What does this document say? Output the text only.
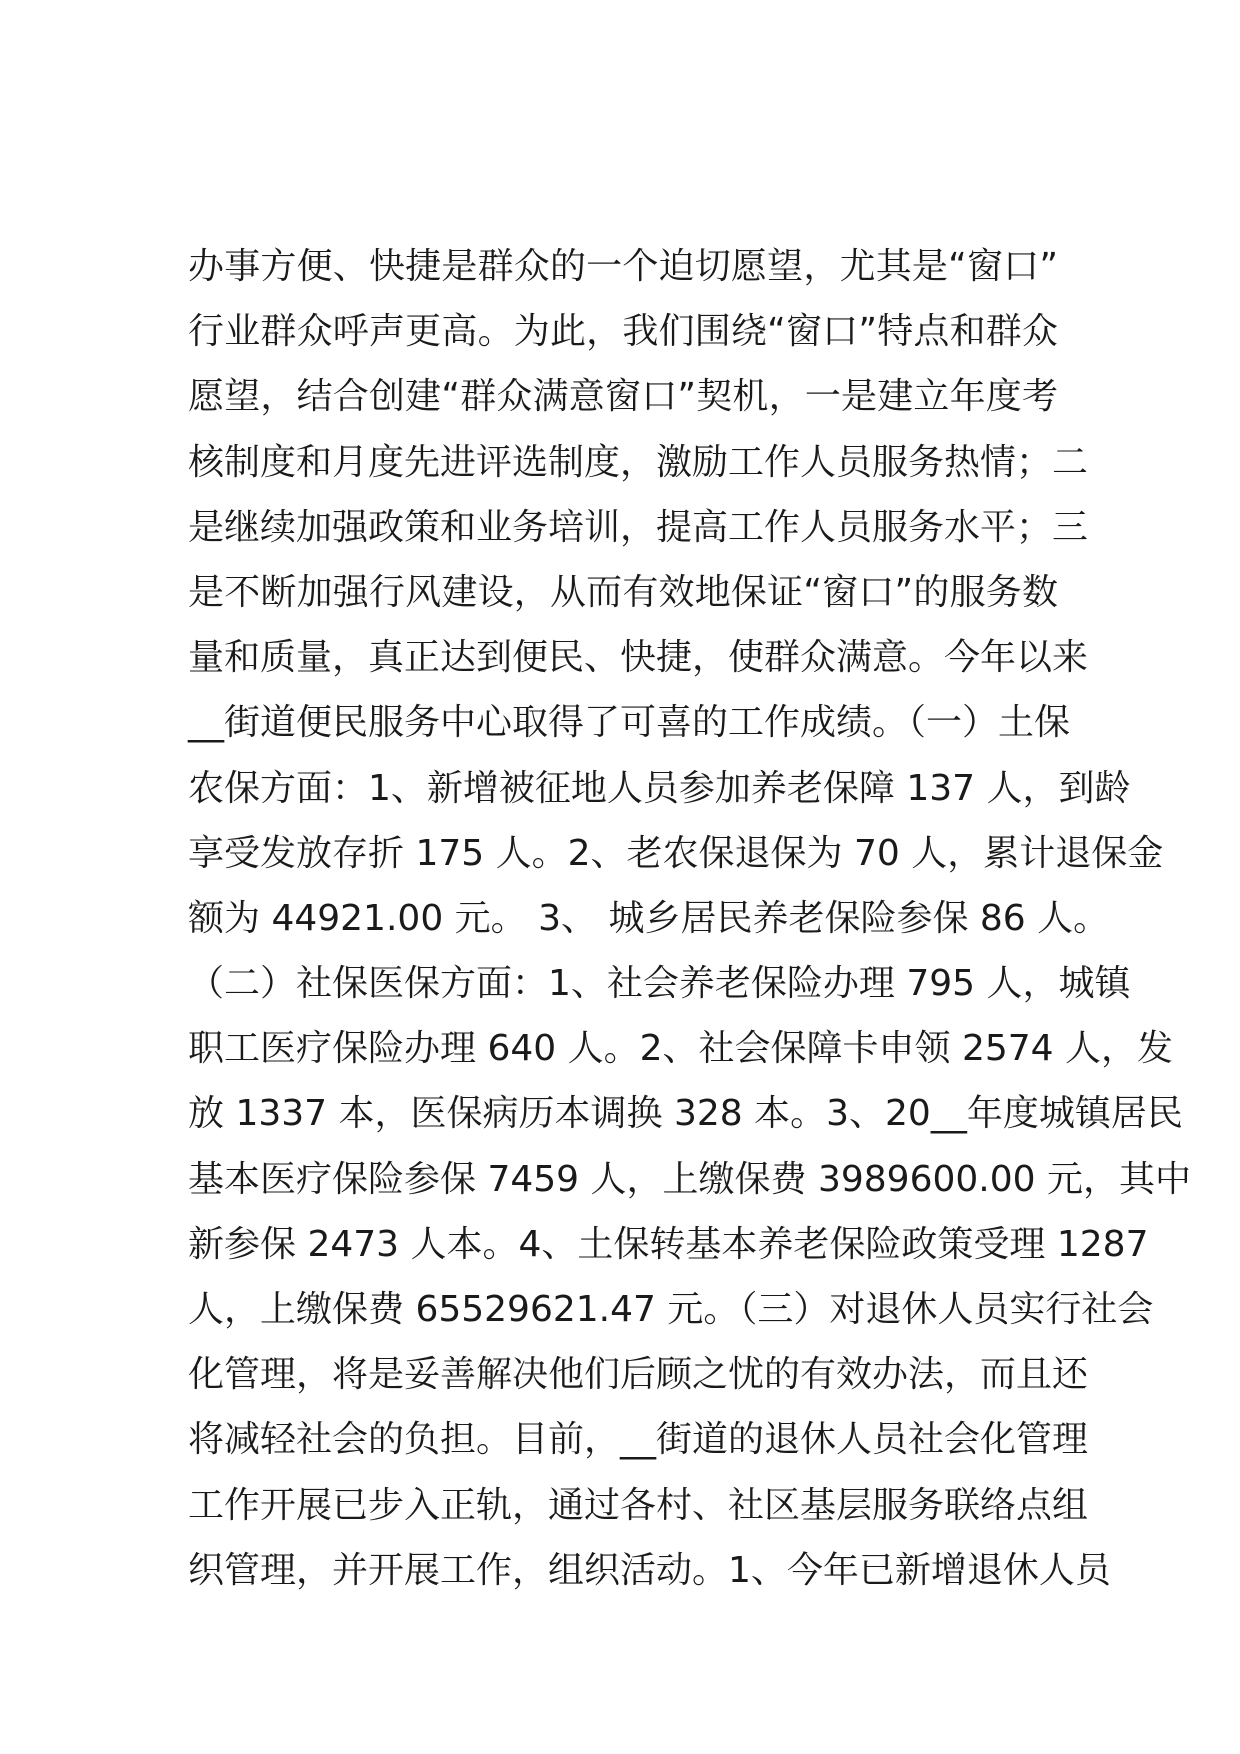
办事方便、快捷是群众的一个迫切愿望，尤其是“窗口”
行业群众呼声更高。为此，我们围绕“窗口”特点和群众
愿望，结合创建“群众满意窗口”契机，一是建立年度考
核制度和月度先进评选制度，激励工作人员服务热情；二
是继续加强政策和业务培训，提高工作人员服务水平；三
是不断加强行风建设，从而有效地保证“窗口”的服务数
量和质量，真正达到便民、快捷，使群众满意。今年以来
__街道便民服务中心取得了可喜的工作成绩。（一）土保
农保方面：1、新增被征地人员参加养老保障 137 人，到龄
享受发放存折 175 人。2、老农保退保为 70 人，累计退保金
额为 44921.00 元。 3、 城乡居民养老保险参保 86 人。
（二）社保医保方面：1、社会养老保险办理 795 人，城镇
职工医疗保险办理 640 人。2、社会保障卡申领 2574 人，发
放 1337 本，医保病历本调换 328 本。3、20__年度城镇居民
基本医疗保险参保 7459 人，上缴保费 3989600.00 元，其中
新参保 2473 人本。4、土保转基本养老保险政策受理 1287
人，上缴保费 65529621.47 元。（三）对退休人员实行社会
化管理，将是妥善解决他们后顾之忧的有效办法，而且还
将减轻社会的负担。目前，__街道的退休人员社会化管理
工作开展已步入正轨，通过各村、社区基层服务联络点组
织管理，并开展工作，组织活动。1、今年已新增退休人员
